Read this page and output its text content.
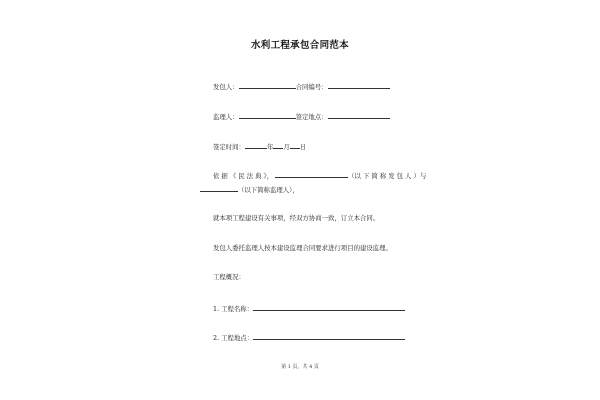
水利工程承包合同范本
发包人：	合同编号：
监理人：	签定地点：
签定时间：	年 月 日
依 据 《 民 法 典 》，	（以 下 简 称 发 包 人 ）与
（以下简称监理人），
就本项工程建设有关事项，经双方协商一致，订立本合同。
发包人委托监理人按本建设监理合同要求进行项目的建设监理。
工程概况：
1. 工程名称：
2. 工程地点：
第 1 页，共 4 页
